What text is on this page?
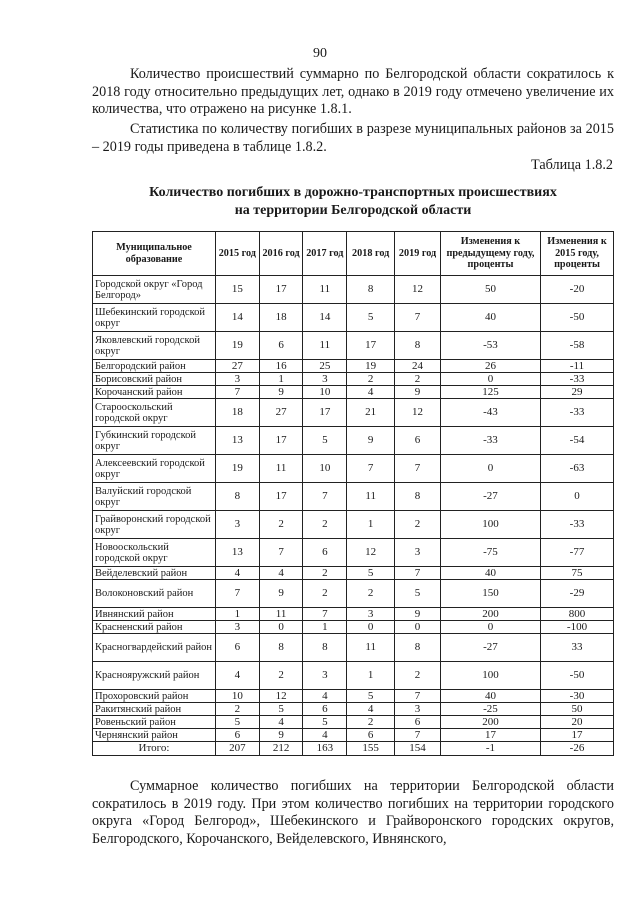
90

Количество происшествий суммарно по Белгородской области сократилось к 2018 году относительно предыдущих лет, однако в 2019 году отмечено увеличение их количества, что отражено на рисунке 1.8.1.

Статистика по количеству погибших в разрезе муниципальных районов за 2015 – 2019 годы приведена в таблице 1.8.2.

Таблица 1.8.2
Количество погибших в дорожно-транспортных происшествиях
на территории Белгородской области
Муниципальное образование	2015 год	2016 год	2017 год	2018 год	2019 год	Изменения к предыдущему году, проценты	Изменения к 2015 году, проценты
Городской округ «Город Белгород»	15	17	11	8	12	50	-20
Шебекинский городской округ	14	18	14	5	7	40	-50
Яковлевский городской округ	19	6	11	17	8	-53	-58
Белгородский район	27	16	25	19	24	26	-11
Борисовский район	3	1	3	2	2	0	-33
Корочанский район	7	9	10	4	9	125	29
Старооскольский городской округ	18	27	17	21	12	-43	-33
Губкинский городской округ	13	17	5	9	6	-33	-54
Алексеевский городской округ	19	11	10	7	7	0	-63
Валуйский городской округ	8	17	7	11	8	-27	0
Грайворонский городской округ	3	2	2	1	2	100	-33
Новооскольский городской округ	13	7	6	12	3	-75	-77
Вейделевский район	4	4	2	5	7	40	75
Волоконовский район	7	9	2	2	5	150	-29
Ивнянский район	1	11	7	3	9	200	800
Красненский район	3	0	1	0	0	0	-100
Красногвардейский район	6	8	8	11	8	-27	33
Краснояружский район	4	2	3	1	2	100	-50
Прохоровский район	10	12	4	5	7	40	-30
Ракитянский район	2	5	6	4	3	-25	50
Ровеньский район	5	4	5	2	6	200	20
Чернянский район	6	9	4	6	7	17	17
Итого:	207	212	163	155	154	-1	-26

Суммарное количество погибших на территории Белгородской области сократилось в 2019 году. При этом количество погибших на территории городского округа «Город Белгород», Шебекинского и Грайворонского городских округов, Белгородского, Корочанского, Вейделевского, Ивнянского,
